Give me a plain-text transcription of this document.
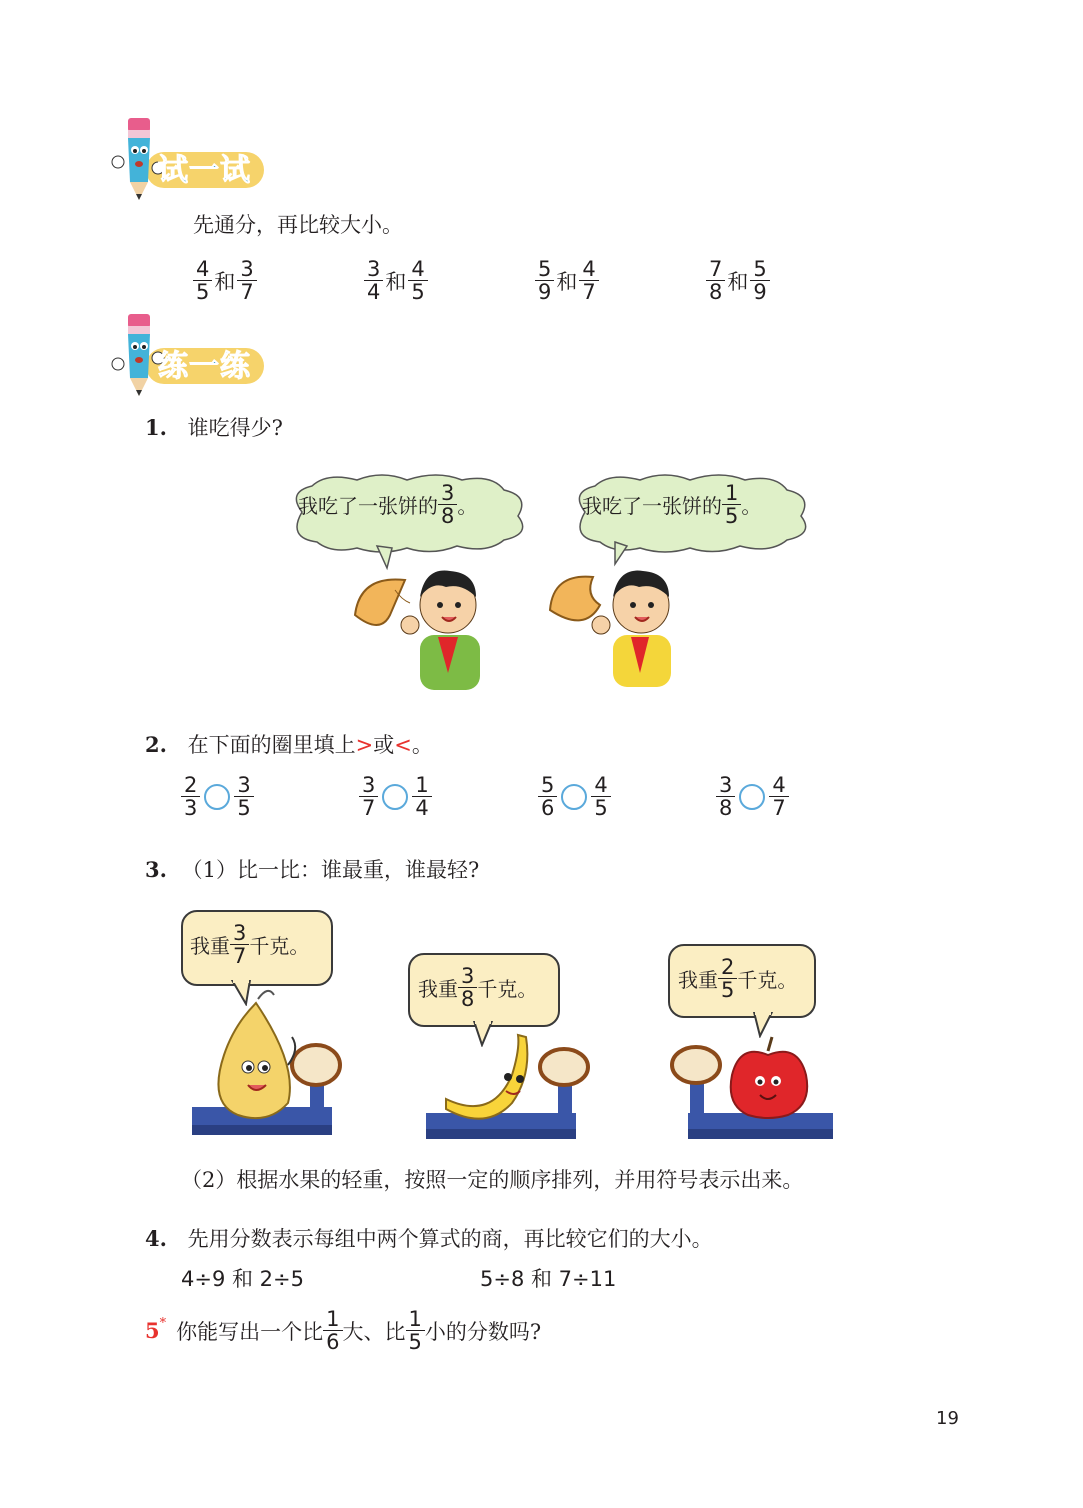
试一试
先通分，再比较大小。
$\frac{4}{5}$ 和 $\frac{3}{7}$	$\frac{3}{4}$ 和 $\frac{4}{5}$	$\frac{5}{9}$ 和 $\frac{4}{7}$	$\frac{7}{8}$ 和 $\frac{5}{9}$
练一练
1. 谁吃得少?
我吃了一张饼的 $\frac{3}{8}$ 。	我吃了一张饼的 $\frac{1}{5}$ 。
2. 在下面的圈里填上>或<。
$\frac{2}{3} \frac{3}{5}$	$\frac{3}{7} \frac{1}{4}$	$\frac{5}{6} \frac{4}{5}$	$\frac{3}{8} \frac{4}{7}$
3. （1）比一比：谁最重，谁最轻?
我重 $\frac{3}{7}$ 千克。
我重 $\frac{3}{8}$ 千克。	我重 $\frac{2}{5}$ 千克。
（2）根据水果的轻重，按照一定的顺序排列，并用符号表示出来。
4. 先用分数表示每组中两个算式的商，再比较它们的大小。
4÷9 和 2÷5	5÷8 和 7÷11
5 * 你能写出一个比 $\frac{1}{6}$ 大、比 $\frac{1}{5}$ 小的分数吗?
19
